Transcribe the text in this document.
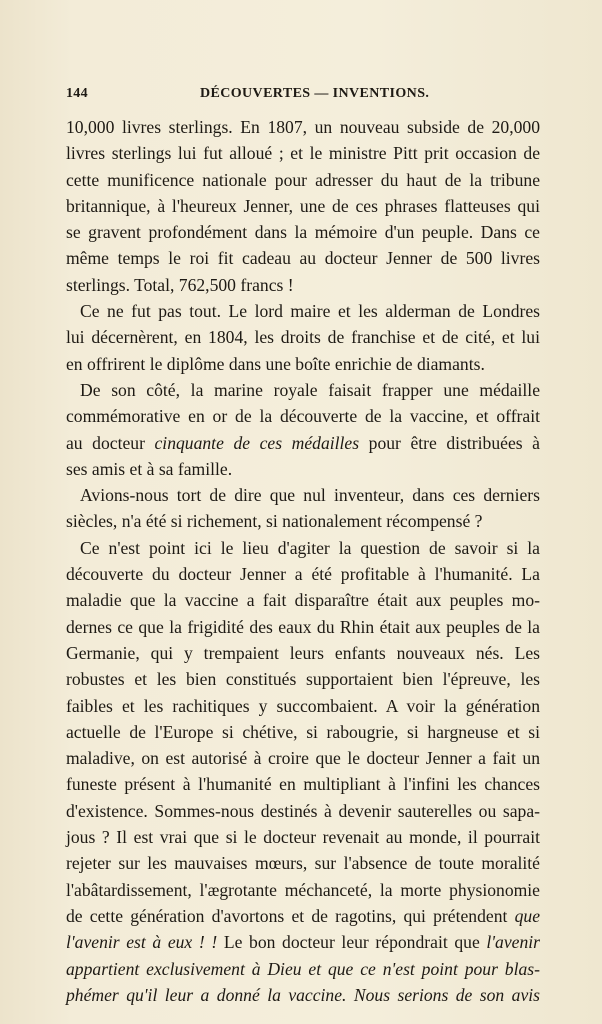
144	DÉCOUVERTES — INVENTIONS.
10,000 livres sterlings. En 1807, un nouveau subside de 20,000
livres sterlings lui fut alloué ; et le ministre Pitt prit occasion de
cette munificence nationale pour adresser du haut de la tribune
britannique, à l'heureux Jenner, une de ces phrases flatteuses qui
se gravent profondément dans la mémoire d'un peuple. Dans ce
même temps le roi fit cadeau au docteur Jenner de 500 livres
sterlings. Total, 762,500 francs !
Ce ne fut pas tout. Le lord maire et les alderman de Londres
lui décernèrent, en 1804, les droits de franchise et de cité, et lui
en offrirent le diplôme dans une boîte enrichie de diamants.
De son côté, la marine royale faisait frapper une médaille
commémorative en or de la découverte de la vaccine, et offrait
au docteur cinquante de ces médailles pour être distribuées à
ses amis et à sa famille.
Avions-nous tort de dire que nul inventeur, dans ces derniers
siècles, n'a été si richement, si nationalement récompensé ?
Ce n'est point ici le lieu d'agiter la question de savoir si la
découverte du docteur Jenner a été profitable à l'humanité. La
maladie que la vaccine a fait disparaître était aux peuples mo-
dernes ce que la frigidité des eaux du Rhin était aux peuples de la
Germanie, qui y trempaient leurs enfants nouveaux nés. Les
robustes et les bien constitués supportaient bien l'épreuve, les
faibles et les rachitiques y succombaient. A voir la génération
actuelle de l'Europe si chétive, si rabougrie, si hargneuse et si
maladive, on est autorisé à croire que le docteur Jenner a fait un
funeste présent à l'humanité en multipliant à l'infini les chances
d'existence. Sommes-nous destinés à devenir sauterelles ou sapa-
jous ? Il est vrai que si le docteur revenait au monde, il pourrait
rejeter sur les mauvaises mœurs, sur l'absence de toute moralité
l'abâtardissement, l'ægrotante méchanceté, la morte physionomie
de cette génération d'avortons et de ragotins, qui prétendent que
l'avenir est à eux ! ! Le bon docteur leur répondrait que l'avenir
appartient exclusivement à Dieu et que ce n'est point pour blas-
phémer qu'il leur a donné la vaccine. Nous serions de son avis
